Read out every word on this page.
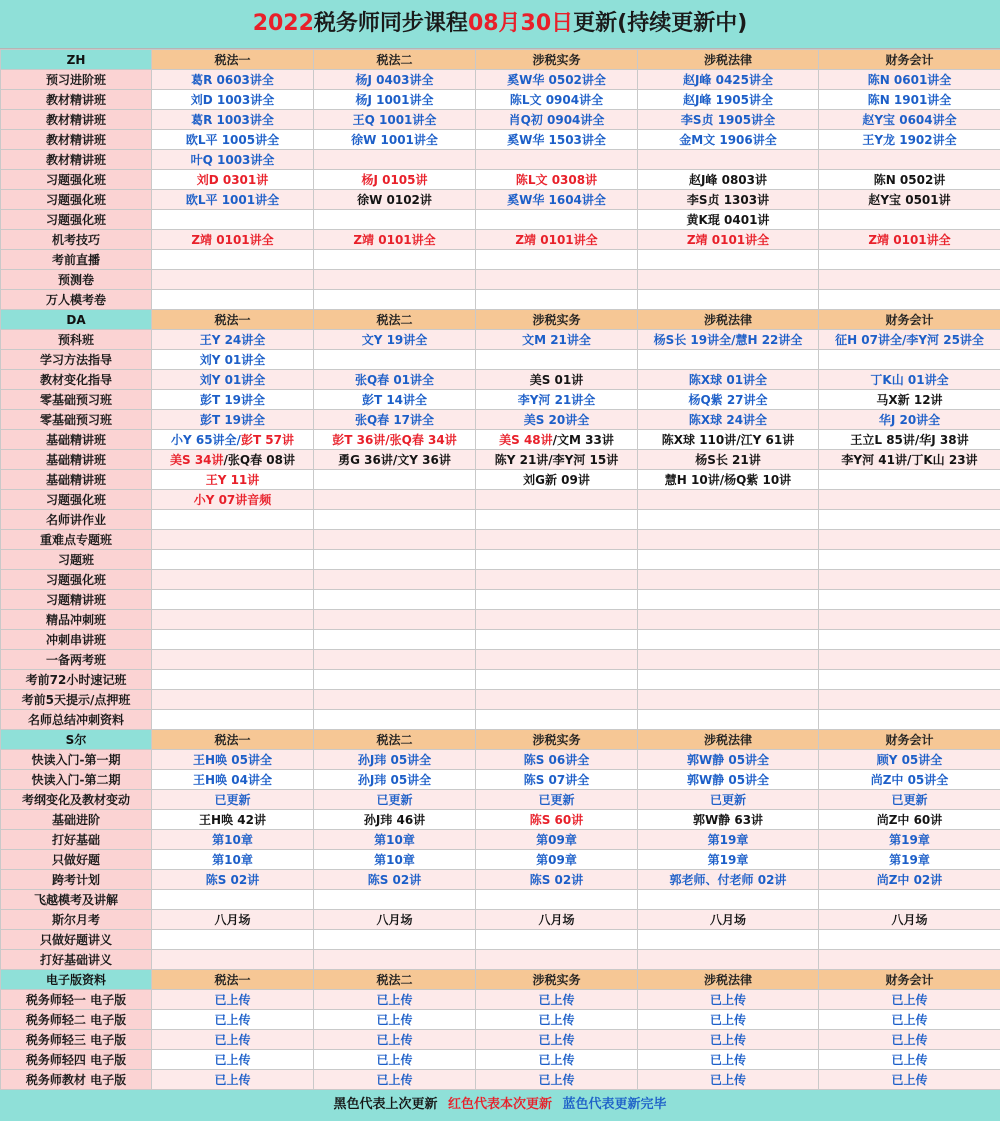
2022税务师同步课程08月30日更新(持续更新中)
ZH	税法一	税法二	涉税实务	涉税法律	财务会计
预习进阶班	葛R 0603讲全	杨J 0403讲全	奚W华 0502讲全	赵J峰 0425讲全	陈N 0601讲全
教材精讲班	刘D 1003讲全	杨J 1001讲全	陈L文 0904讲全	赵J峰 1905讲全	陈N 1901讲全
教材精讲班	葛R 1003讲全	王Q 1001讲全	肖Q初 0904讲全	李S贞 1905讲全	赵Y宝 0604讲全
教材精讲班	欧L平 1005讲全	徐W 1001讲全	奚W华 1503讲全	金M文 1906讲全	王Y龙 1902讲全
教材精讲班	叶Q 1003讲全				
习题强化班	刘D 0301讲	杨J 0105讲	陈L文 0308讲	赵J峰 0803讲	陈N 0502讲
习题强化班	欧L平 1001讲全	徐W 0102讲	奚W华 1604讲全	李S贞 1303讲	赵Y宝 0501讲
习题强化班				黄K琨 0401讲	
机考技巧	Z靖 0101讲全	Z靖 0101讲全	Z靖 0101讲全	Z靖 0101讲全	Z靖 0101讲全
考前直播					
预测卷					
万人模考卷					
DA	税法一	税法二	涉税实务	涉税法律	财务会计
预科班	王Y 24讲全	文Y 19讲全	文M 21讲全	杨S长 19讲全/慧H 22讲全	征H 07讲全/李Y河 25讲全
学习方法指导	刘Y 01讲全				
教材变化指导	刘Y 01讲全	张Q春 01讲全	美S 01讲	陈X球 01讲全	丁K山 01讲全
零基础预习班	彭T 19讲全	彭T 14讲全	李Y河 21讲全	杨Q紫 27讲全	马X新 12讲
零基础预习班	彭T 19讲全	张Q春 17讲全	美S 20讲全	陈X球 24讲全	华J 20讲全
基础精讲班	小Y 65讲全/彭T 57讲	彭T 36讲/张Q春 34讲	美S 48讲/文M 33讲	陈X球 110讲/江Y 61讲	王立L 85讲/华J 38讲
基础精讲班	美S 34讲/张Q春 08讲	勇G 36讲/文Y 36讲	陈Y 21讲/李Y河 15讲	杨S长 21讲	李Y河 41讲/丁K山 23讲
基础精讲班	王Y 11讲		刘G新 09讲	慧H 10讲/杨Q紫 10讲	
习题强化班	小Y 07讲音频				
名师讲作业					
重难点专题班					
习题班					
习题强化班					
习题精讲班					
精品冲刺班					
冲刺串讲班					
一备两考班					
考前72小时速记班					
考前5天提示/点押班					
名师总结冲刺资料					
S尔	税法一	税法二	涉税实务	涉税法律	财务会计
快读入门-第一期	王H唤 05讲全	孙J玮 05讲全	陈S 06讲全	郭W静 05讲全	顾Y 05讲全
快读入门-第二期	王H唤 04讲全	孙J玮 05讲全	陈S 07讲全	郭W静 05讲全	尚Z中 05讲全
考纲变化及教材变动	已更新	已更新	已更新	已更新	已更新
基础进阶	王H唤 42讲	孙J玮 46讲	陈S 60讲	郭W静 63讲	尚Z中 60讲
打好基础	第10章	第10章	第09章	第19章	第19章
只做好题	第10章	第10章	第09章	第19章	第19章
跨考计划	陈S 02讲	陈S 02讲	陈S 02讲	郭老师、付老师 02讲	尚Z中 02讲
飞越模考及讲解					
斯尔月考	八月场	八月场	八月场	八月场	八月场
只做好题讲义					
打好基础讲义					
电子版资料	税法一	税法二	涉税实务	涉税法律	财务会计
税务师轻一 电子版	已上传	已上传	已上传	已上传	已上传
税务师轻二 电子版	已上传	已上传	已上传	已上传	已上传
税务师轻三 电子版	已上传	已上传	已上传	已上传	已上传
税务师轻四 电子版	已上传	已上传	已上传	已上传	已上传
税务师教材 电子版	已上传	已上传	已上传	已上传	已上传
黑色代表上次更新 红色代表本次更新 蓝色代表更新完毕
